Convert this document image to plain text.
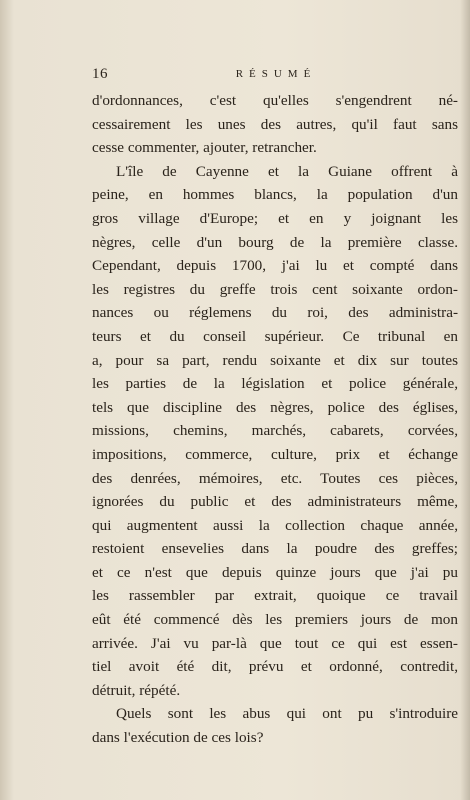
16	RÉSUMÉ
d'ordonnances, c'est qu'elles s'engendrent né-
cessairement les unes des autres, qu'il faut sans
cesse commenter, ajouter, retrancher.
L'île de Cayenne et la Guiane offrent à
peine, en hommes blancs, la population d'un
gros village d'Europe; et en y joignant les
nègres, celle d'un bourg de la première classe.
Cependant, depuis 1700, j'ai lu et compté dans
les registres du greffe trois cent soixante ordon-
nances ou réglemens du roi, des administra-
teurs et du conseil supérieur. Ce tribunal en
a, pour sa part, rendu soixante et dix sur toutes
les parties de la législation et police générale,
tels que discipline des nègres, police des églises,
missions, chemins, marchés, cabarets, corvées,
impositions, commerce, culture, prix et échange
des denrées, mémoires, etc. Toutes ces pièces,
ignorées du public et des administrateurs même,
qui augmentent aussi la collection chaque année,
restoient ensevelies dans la poudre des greffes;
et ce n'est que depuis quinze jours que j'ai pu
les rassembler par extrait, quoique ce travail
eût été commencé dès les premiers jours de mon
arrivée. J'ai vu par-là que tout ce qui est essen-
tiel avoit été dit, prévu et ordonné, contredit,
détruit, répété.
Quels sont les abus qui ont pu s'introduire
dans l'exécution de ces lois?
